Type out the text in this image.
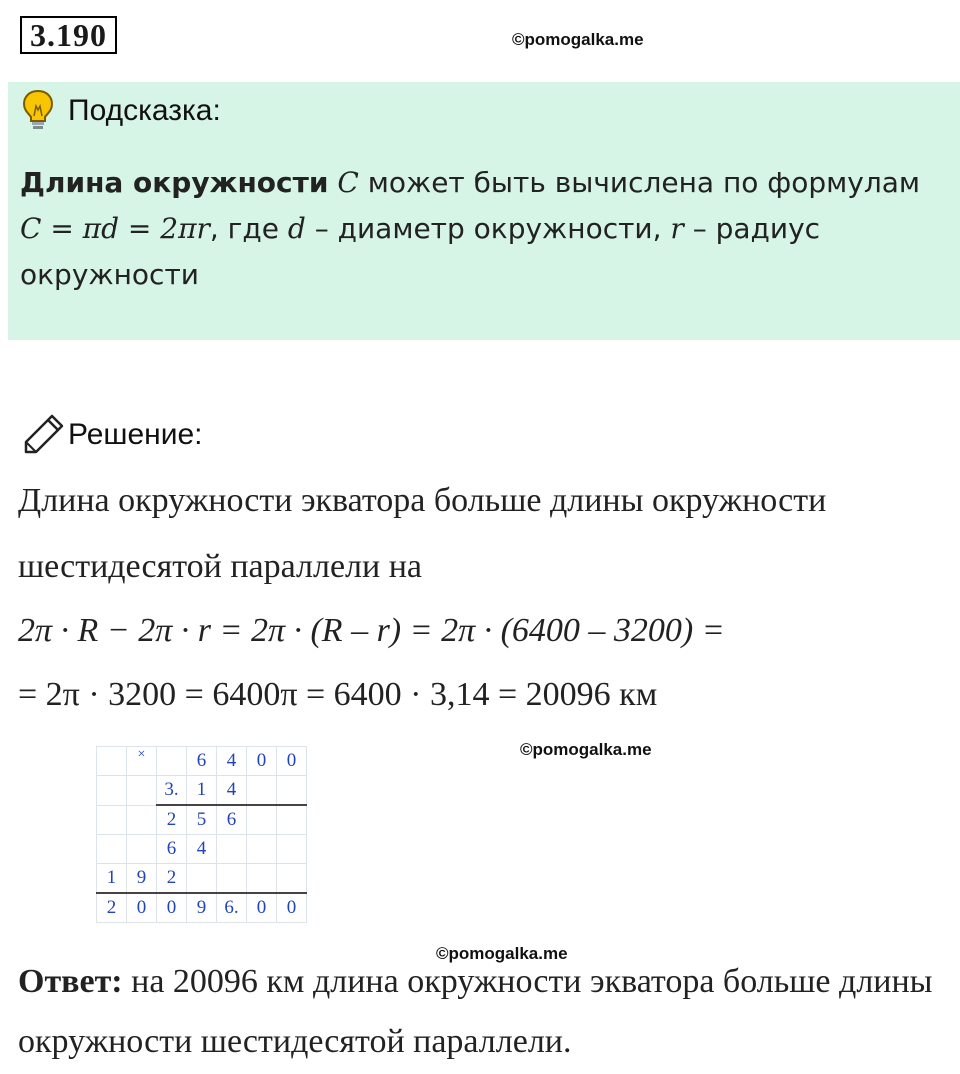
3.190	©pomogalka.me
Подсказка:
Длина окружности C может быть вычислена по формулам
C = πd = 2πr, где d – диаметр окружности, r – радиус окружности
Решение:
Длина окружности экватора больше длины окружности
шестидесятой параллели на
2π · R − 2π · r = 2π · (R – r) = 2π · (6400 – 3200) =
= 2π · 3200 = 6400π = 6400 · 3,14 = 20096 км
	×		6	4	0	0
		3.	1	4		
		2	5	6		
		6	4			
1	9	2				
2	0	0	9	6.	0	0
©pomogalka.me
©pomogalka.me
Ответ: на 20096 км длина окружности экватора больше длины окружности шестидесятой параллели.
